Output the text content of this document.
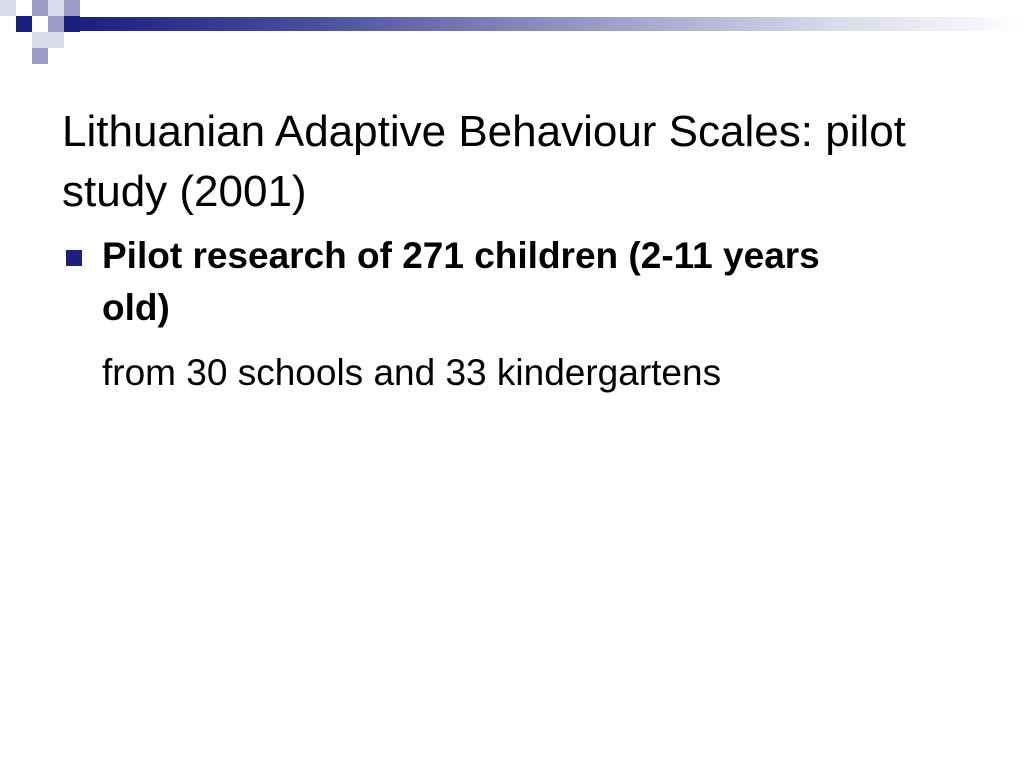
Lithuanian Adaptive Behaviour Scales: pilot study (2001)
Pilot research of 271 children (2-11 years old)
from 30 schools and 33 kindergartens
